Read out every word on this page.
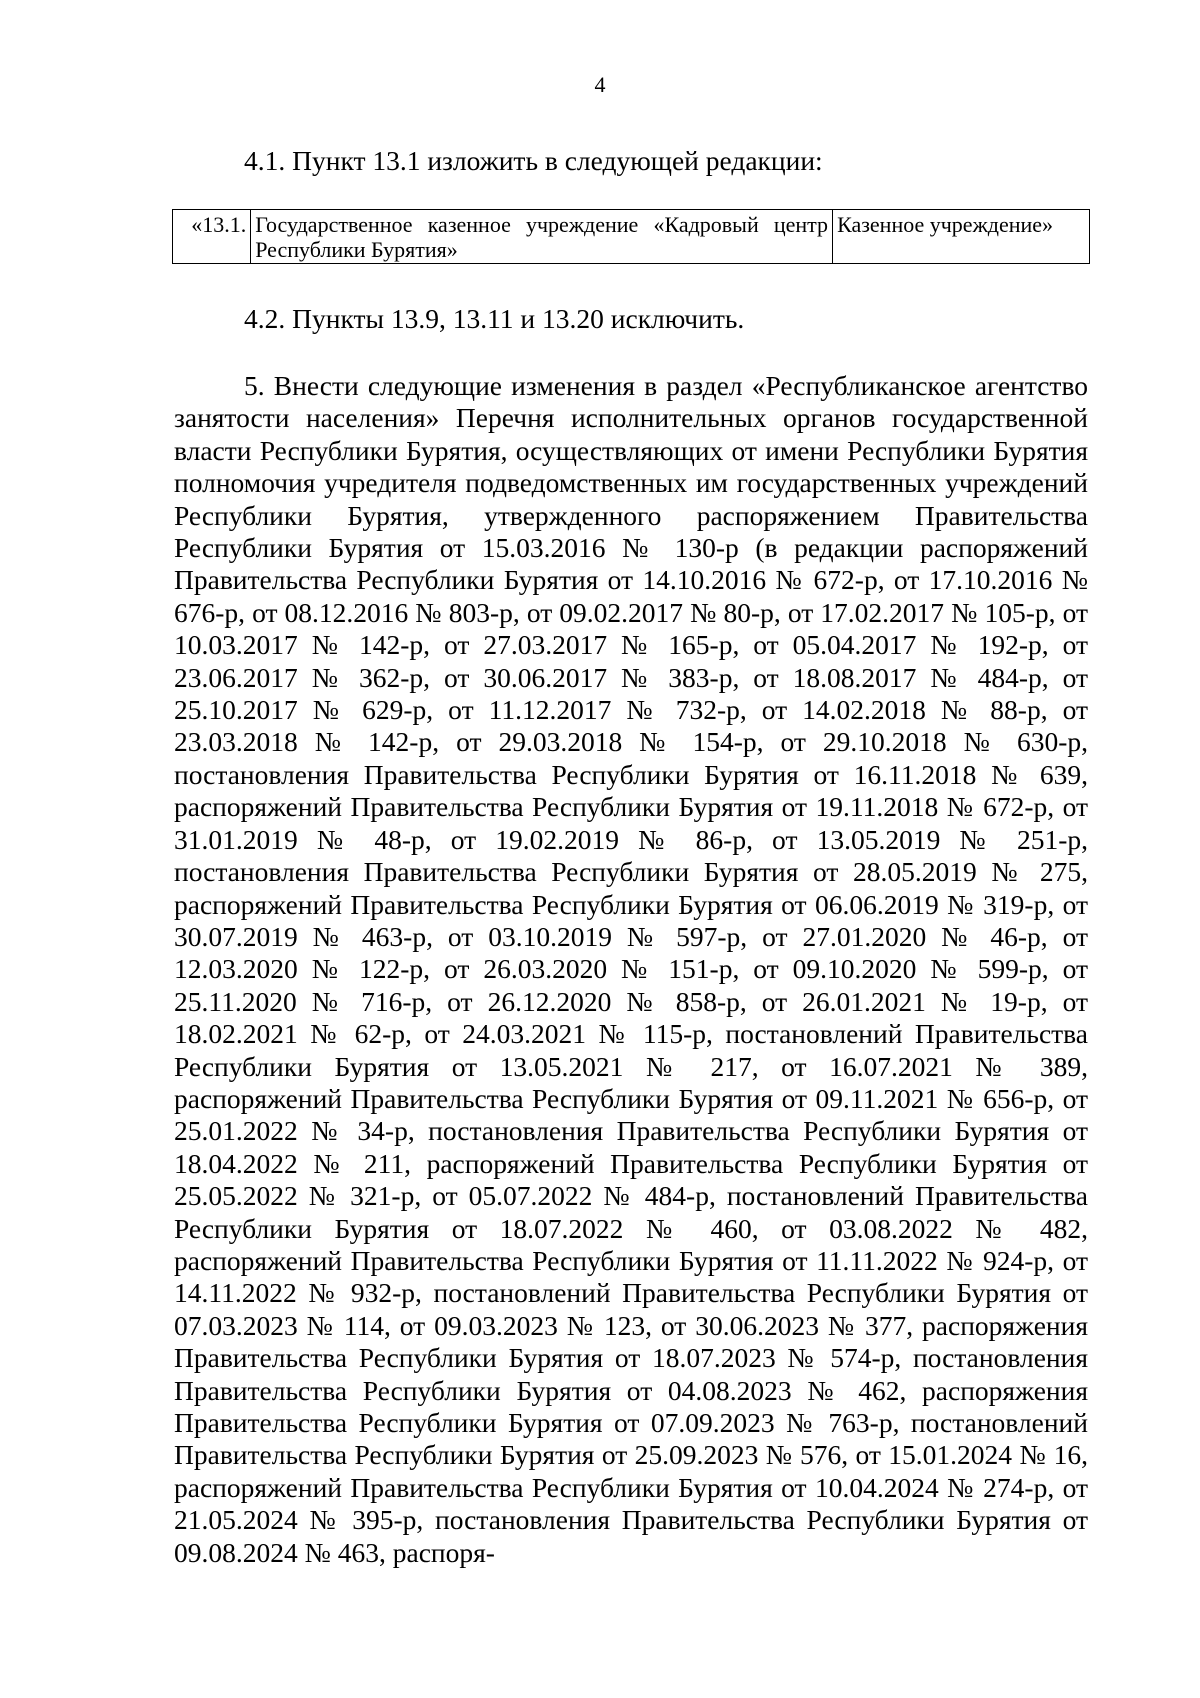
4

4.1. Пункт 13.1 изложить в следующей редакции:

«13.1.	Государственное казенное учреждение «Кадровый центр Республики Бурятия»	Казенное учреждение»

4.2. Пункты 13.9, 13.11 и 13.20 исключить.

5. Внести следующие изменения в раздел «Республиканское агентство занятости населения» Перечня исполнительных органов государственной власти Республики Бурятия, осуществляющих от имени Республики Бурятия полномочия учредителя подведомственных им государственных учреждений Республики Бурятия, утвержденного распоряжением Правительства Республики Бурятия от 15.03.2016 № 130-р (в редакции распоряжений Правительства Республики Бурятия от 14.10.2016 № 672-р, от 17.10.2016 № 676-р, от 08.12.2016 № 803-р, от 09.02.2017 № 80-р, от 17.02.2017 № 105-р, от 10.03.2017 № 142-р, от 27.03.2017 № 165-р, от 05.04.2017 № 192-р, от 23.06.2017 № 362-р, от 30.06.2017 № 383-р, от 18.08.2017 № 484-р, от 25.10.2017 № 629-р, от 11.12.2017 № 732-р, от 14.02.2018 № 88-р, от 23.03.2018 № 142-р, от 29.03.2018 № 154-р, от 29.10.2018 № 630-р, постановления Правительства Республики Бурятия от 16.11.2018 № 639, распоряжений Правительства Республики Бурятия от 19.11.2018 № 672-р, от 31.01.2019 № 48-р, от 19.02.2019 № 86-р, от 13.05.2019 № 251-р, постановления Правительства Республики Бурятия от 28.05.2019 № 275, распоряжений Правительства Республики Бурятия от 06.06.2019 № 319-р, от 30.07.2019 № 463-р, от 03.10.2019 № 597-р, от 27.01.2020 № 46-р, от 12.03.2020 № 122-р, от 26.03.2020 № 151-р, от 09.10.2020 № 599-р, от 25.11.2020 № 716-р, от 26.12.2020 № 858-р, от 26.01.2021 № 19-р, от 18.02.2021 № 62-р, от 24.03.2021 № 115-р, постановлений Правительства Республики Бурятия от 13.05.2021 № 217, от 16.07.2021 № 389, распоряжений Правительства Республики Бурятия от 09.11.2021 № 656-р, от 25.01.2022 № 34-р, постановления Правительства Республики Бурятия от 18.04.2022 № 211, распоряжений Правительства Республики Бурятия от 25.05.2022 № 321-р, от 05.07.2022 № 484-р, постановлений Правительства Республики Бурятия от 18.07.2022 № 460, от 03.08.2022 № 482, распоряжений Правительства Республики Бурятия от 11.11.2022 № 924-р, от 14.11.2022 № 932-р, постановлений Правительства Республики Бурятия от 07.03.2023 № 114, от 09.03.2023 № 123, от 30.06.2023 № 377, распоряжения Правительства Республики Бурятия от 18.07.2023 № 574-р, постановления Правительства Республики Бурятия от 04.08.2023 № 462, распоряжения Правительства Республики Бурятия от 07.09.2023 № 763-р, постановлений Правительства Республики Бурятия от 25.09.2023 № 576, от 15.01.2024 № 16, распоряжений Правительства Республики Бурятия от 10.04.2024 № 274-р, от 21.05.2024 № 395-р, постановления Правительства Республики Бурятия от 09.08.2024 № 463, распоря-
